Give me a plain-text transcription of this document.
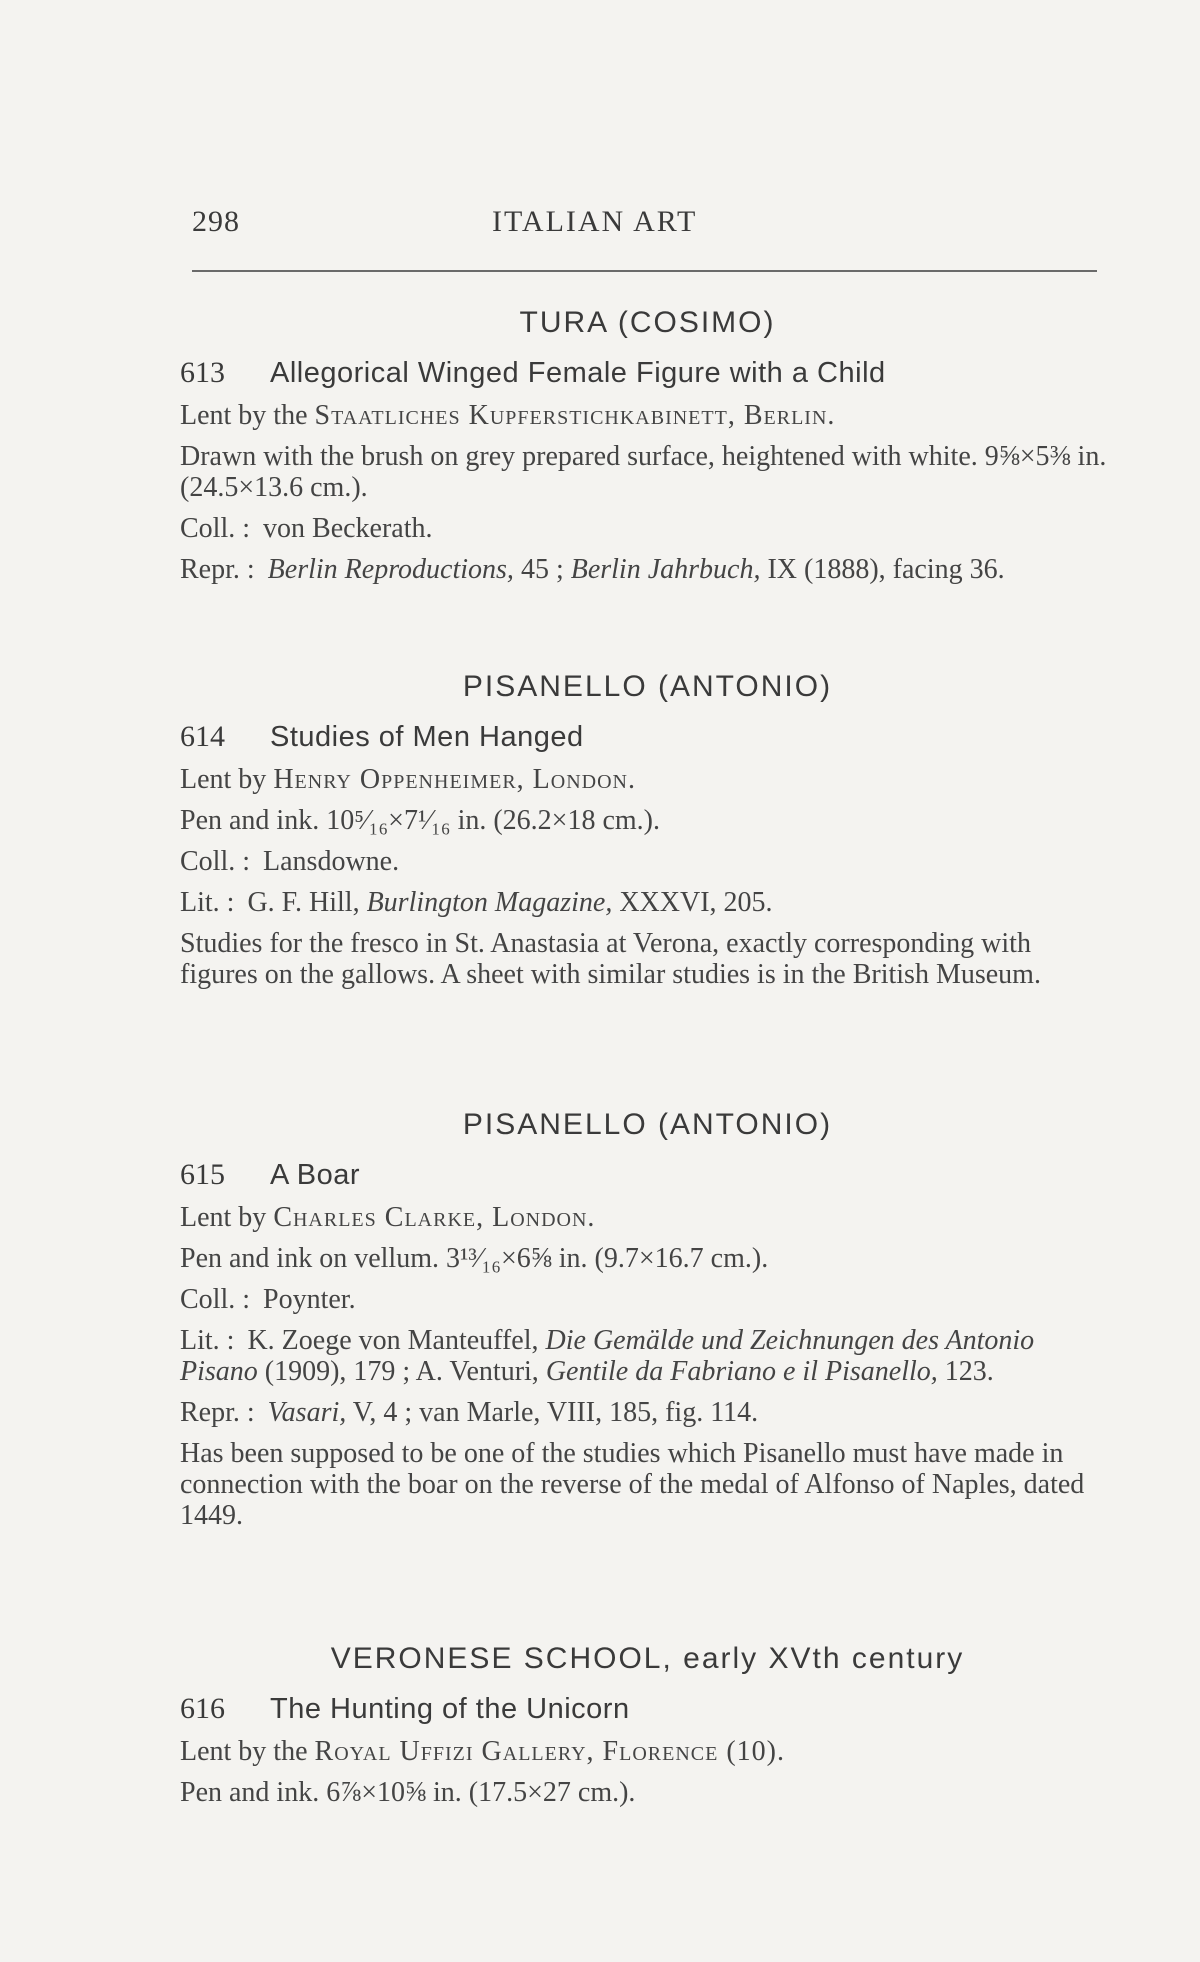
298	ITALIAN ART
TURA (COSIMO)
613	Allegorical Winged Female Figure with a Child
Lent by the Staatliches Kupferstichkabinett, Berlin.
Drawn with the brush on grey prepared surface, heightened with white. 9⅝×5⅜ in. (24.5×13.6 cm.).
Coll. : von Beckerath.
Repr. : Berlin Reproductions, 45 ; Berlin Jahrbuch, IX (1888), facing 36.
PISANELLO (ANTONIO)
614	Studies of Men Hanged
Lent by Henry Oppenheimer, London.
Pen and ink. 10⁵⁄₁₆×7¹⁄₁₆ in. (26.2×18 cm.).
Coll. : Lansdowne.
Lit. : G. F. Hill, Burlington Magazine, XXXVI, 205.
Studies for the fresco in St. Anastasia at Verona, exactly corresponding with figures on the gallows. A sheet with similar studies is in the British Museum.
PISANELLO (ANTONIO)
615	A Boar
Lent by Charles Clarke, London.
Pen and ink on vellum. 3¹³⁄₁₆×6⅝ in. (9.7×16.7 cm.).
Coll. : Poynter.
Lit. : K. Zoege von Manteuffel, Die Gemälde und Zeichnungen des Antonio Pisano (1909), 179 ; A. Venturi, Gentile da Fabriano e il Pisanello, 123.
Repr. : Vasari, V, 4 ; van Marle, VIII, 185, fig. 114.
Has been supposed to be one of the studies which Pisanello must have made in connection with the boar on the reverse of the medal of Alfonso of Naples, dated 1449.
VERONESE SCHOOL, early XVth century
616	The Hunting of the Unicorn
Lent by the Royal Uffizi Gallery, Florence (10).
Pen and ink. 6⅞×10⅝ in. (17.5×27 cm.).
